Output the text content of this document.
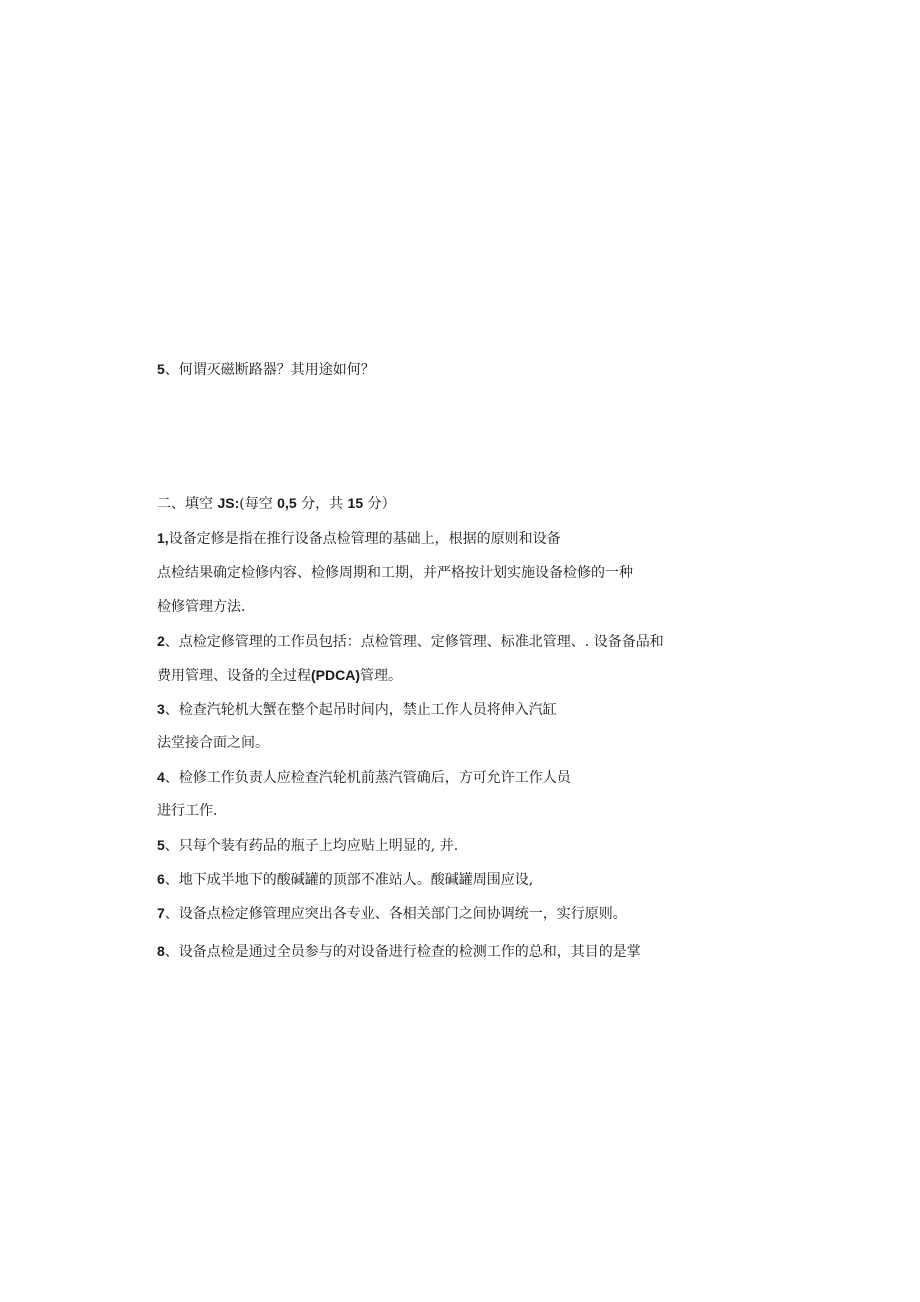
5、何谓灭磁断路器？其用途如何？
二、填空 JS:(每空 0,5 分，共 15 分）
1,设备定修是指在推行设备点检管理的基础上，根据的原则和设备
点检结果确定检修内容、检修周期和工期，并严格按计划实施设备检修的一种
检修管理方法.
2、点检定修管理的工作员包括：点检管理、定修管理、标准北管理、. 设备备品和
费用管理、设备的全过程(PDCA)管理。
3、检查汽轮机大蟹在整个起吊时间内，禁止工作人员将伸入汽缸
法堂接合面之间。
4、检修工作负责人应检查汽轮机前蒸汽管确后，方可允许工作人员
进行工作.
5、只每个装有药品的瓶子上均应贴上明显的, 并.
6、地下成半地下的酸碱罐的顶部不准站人。酸碱罐周围应设,
7、设备点检定修管理应突出各专业、各相关部门之间协调统一，实行原则。
8、设备点检是通过全员参与的对设备进行检查的检测工作的总和，其目的是掌
